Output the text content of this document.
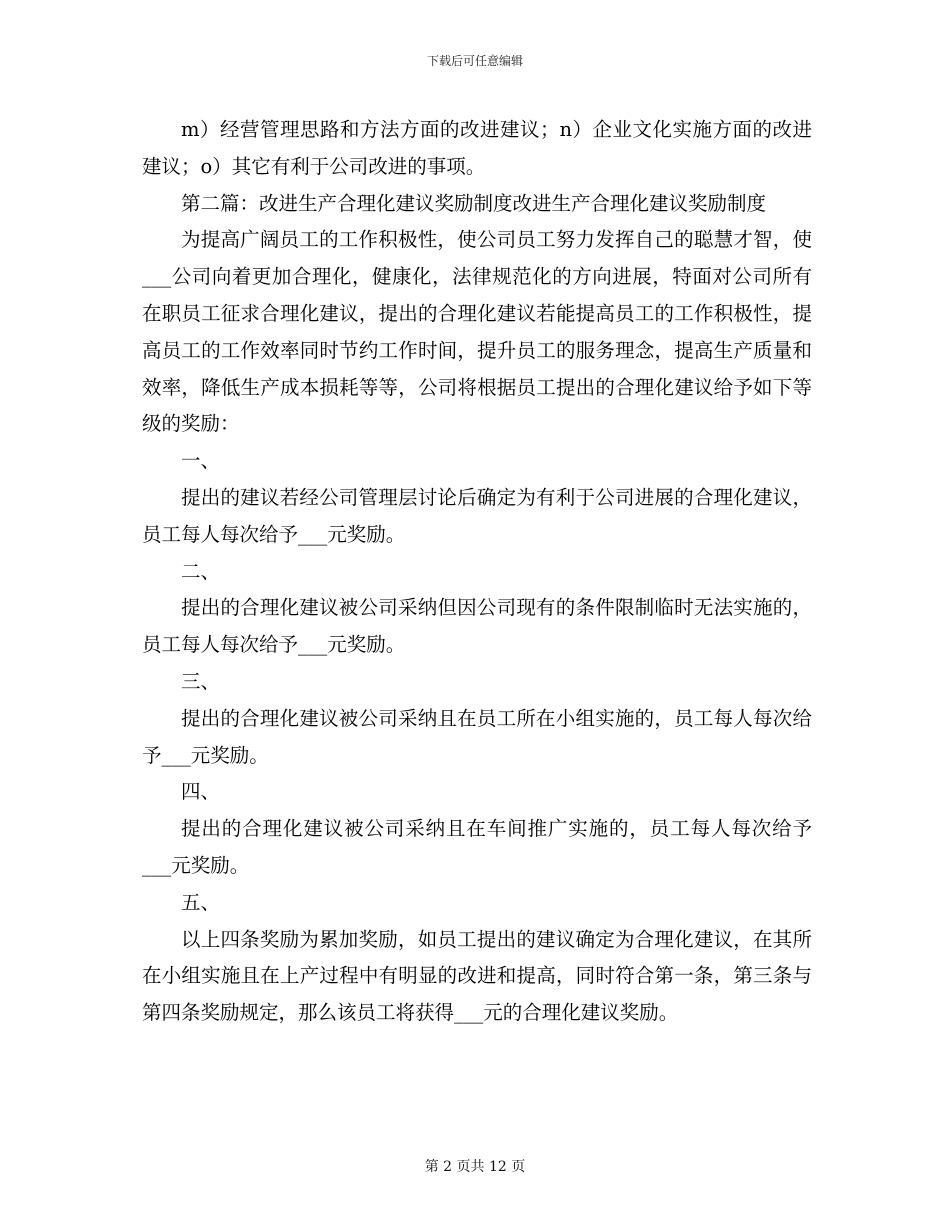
下载后可任意编辑

m）经营管理思路和方法方面的改进建议；n）企业文化实施方面的改进建议；o）其它有利于公司改进的事项。

第二篇：改进生产合理化建议奖励制度改进生产合理化建议奖励制度

为提高广阔员工的工作积极性，使公司员工努力发挥自己的聪慧才智，使___公司向着更加合理化，健康化，法律规范化的方向进展，特面对公司所有在职员工征求合理化建议，提出的合理化建议若能提高员工的工作积极性，提高员工的工作效率同时节约工作时间，提升员工的服务理念，提高生产质量和效率，降低生产成本损耗等等，公司将根据员工提出的合理化建议给予如下等级的奖励：

一、

提出的建议若经公司管理层讨论后确定为有利于公司进展的合理化建议，员工每人每次给予___元奖励。

二、

提出的合理化建议被公司采纳但因公司现有的条件限制临时无法实施的，员工每人每次给予___元奖励。

三、

提出的合理化建议被公司采纳且在员工所在小组实施的，员工每人每次给予___元奖励。

四、

提出的合理化建议被公司采纳且在车间推广实施的，员工每人每次给予___元奖励。

五、

以上四条奖励为累加奖励，如员工提出的建议确定为合理化建议，在其所在小组实施且在上产过程中有明显的改进和提高，同时符合第一条，第三条与第四条奖励规定，那么该员工将获得___元的合理化建议奖励。

第 2 页共 12 页
